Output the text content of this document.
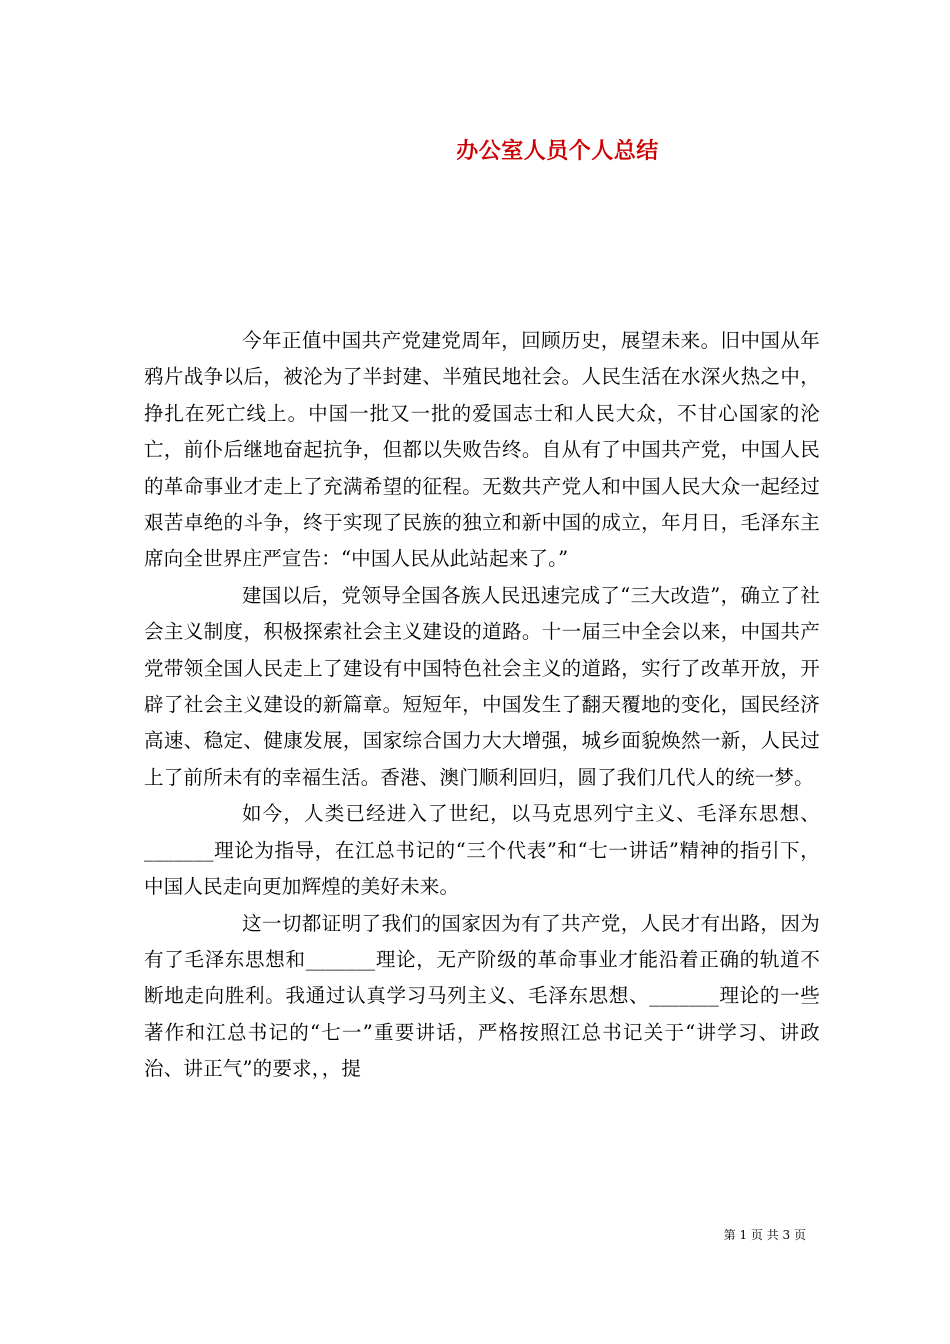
办公室人员个人总结

今年正值中国共产党建党周年，回顾历史，展望未来。旧中国从年鸦片战争以后，被沦为了半封建、半殖民地社会。人民生活在水深火热之中，挣扎在死亡线上。中国一批又一批的爱国志士和人民大众，不甘心国家的沦亡，前仆后继地奋起抗争，但都以失败告终。自从有了中国共产党，中国人民的革命事业才走上了充满希望的征程。无数共产党人和中国人民大众一起经过艰苦卓绝的斗争，终于实现了民族的独立和新中国的成立，年月日，毛泽东主席向全世界庄严宣告：“中国人民从此站起来了。”

建国以后，党领导全国各族人民迅速完成了“三大改造”，确立了社会主义制度，积极探索社会主义建设的道路。十一届三中全会以来，中国共产党带领全国人民走上了建设有中国特色社会主义的道路，实行了改革开放，开辟了社会主义建设的新篇章。短短年，中国发生了翻天覆地的变化，国民经济高速、稳定、健康发展，国家综合国力大大增强，城乡面貌焕然一新，人民过上了前所未有的幸福生活。香港、澳门顺利回归，圆了我们几代人的统一梦。

如今，人类已经进入了世纪，以马克思列宁主义、毛泽东思想、_______理论为指导，在江总书记的“三个代表”和“七一讲话”精神的指引下，中国人民走向更加辉煌的美好未来。

这一切都证明了我们的国家因为有了共产党，人民才有出路，因为有了毛泽东思想和_______理论，无产阶级的革命事业才能沿着正确的轨道不断地走向胜利。我通过认真学习马列主义、毛泽东思想、_______理论的一些著作和江总书记的“七一”重要讲话，严格按照江总书记关于“讲学习、讲政治、讲正气”的要求，，提

第 1 页 共 3 页
